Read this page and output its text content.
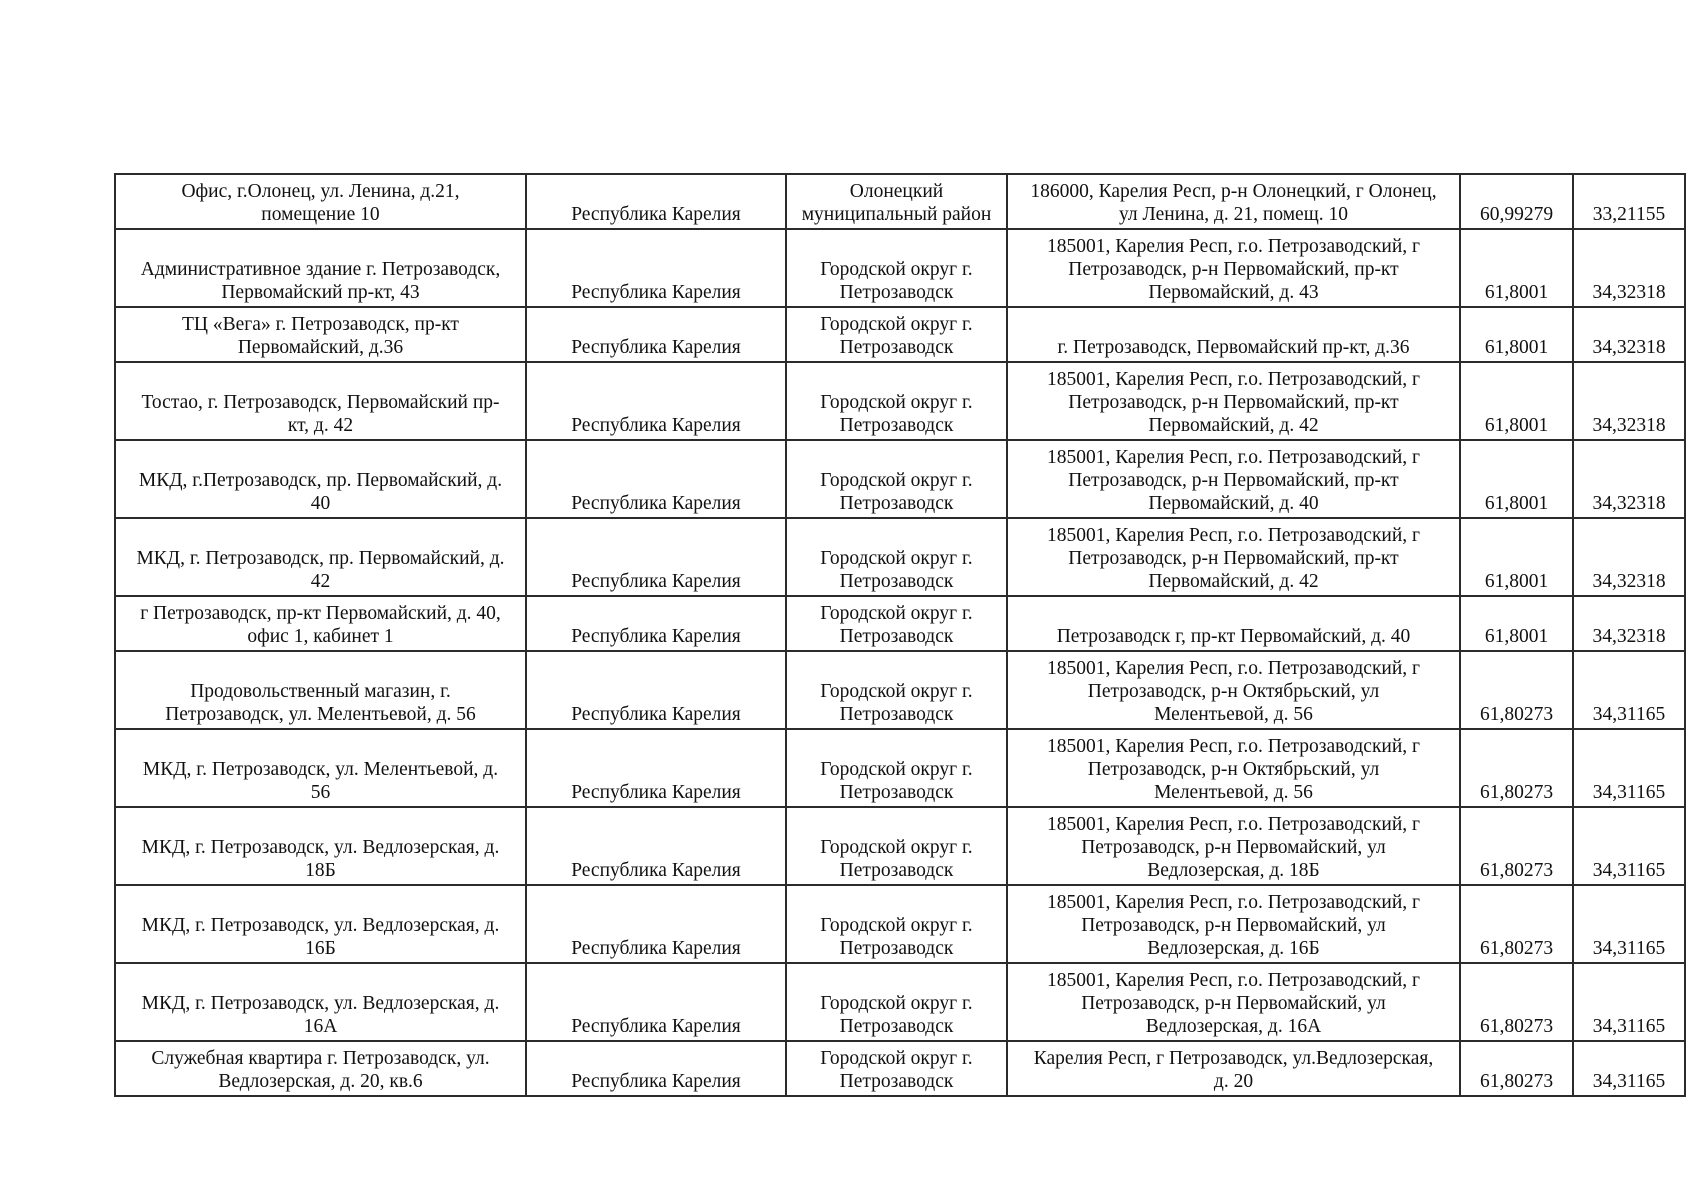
Офис, г.Олонец, ул. Ленина, д.21,
помещение 10	Республика Карелия	Олонецкий
муниципальный район	186000, Карелия Респ, р-н Олонецкий, г Олонец,
ул Ленина, д. 21, помещ. 10	60,99279	33,21155
Административное здание г. Петрозаводск,
Первомайский пр-кт, 43	Республика Карелия	Городской округ г.
Петрозаводск	185001, Карелия Респ, г.о. Петрозаводский, г
Петрозаводск, р-н Первомайский, пр-кт
Первомайский, д. 43	61,8001	34,32318
ТЦ «Вега» г. Петрозаводск, пр-кт
Первомайский, д.36	Республика Карелия	Городской округ г.
Петрозаводск	г. Петрозаводск, Первомайский пр-кт, д.36	61,8001	34,32318
Тостао, г. Петрозаводск, Первомайский пр-
кт, д. 42	Республика Карелия	Городской округ г.
Петрозаводск	185001, Карелия Респ, г.о. Петрозаводский, г
Петрозаводск, р-н Первомайский, пр-кт
Первомайский, д. 42	61,8001	34,32318
МКД, г.Петрозаводск, пр. Первомайский, д.
40	Республика Карелия	Городской округ г.
Петрозаводск	185001, Карелия Респ, г.о. Петрозаводский, г
Петрозаводск, р-н Первомайский, пр-кт
Первомайский, д. 40	61,8001	34,32318
МКД, г. Петрозаводск, пр. Первомайский, д.
42	Республика Карелия	Городской округ г.
Петрозаводск	185001, Карелия Респ, г.о. Петрозаводский, г
Петрозаводск, р-н Первомайский, пр-кт
Первомайский, д. 42	61,8001	34,32318
г Петрозаводск, пр-кт Первомайский, д. 40,
офис 1, кабинет 1	Республика Карелия	Городской округ г.
Петрозаводск	Петрозаводск г, пр-кт Первомайский, д. 40	61,8001	34,32318
Продовольственный магазин, г.
Петрозаводск, ул. Мелентьевой, д. 56	Республика Карелия	Городской округ г.
Петрозаводск	185001, Карелия Респ, г.о. Петрозаводский, г
Петрозаводск, р-н Октябрьский, ул
Мелентьевой, д. 56	61,80273	34,31165
МКД, г. Петрозаводск, ул. Мелентьевой, д.
56	Республика Карелия	Городской округ г.
Петрозаводск	185001, Карелия Респ, г.о. Петрозаводский, г
Петрозаводск, р-н Октябрьский, ул
Мелентьевой, д. 56	61,80273	34,31165
МКД, г. Петрозаводск, ул. Ведлозерская, д.
18Б	Республика Карелия	Городской округ г.
Петрозаводск	185001, Карелия Респ, г.о. Петрозаводский, г
Петрозаводск, р-н Первомайский, ул
Ведлозерская, д. 18Б	61,80273	34,31165
МКД, г. Петрозаводск, ул. Ведлозерская, д.
16Б	Республика Карелия	Городской округ г.
Петрозаводск	185001, Карелия Респ, г.о. Петрозаводский, г
Петрозаводск, р-н Первомайский, ул
Ведлозерская, д. 16Б	61,80273	34,31165
МКД, г. Петрозаводск, ул. Ведлозерская, д.
16А	Республика Карелия	Городской округ г.
Петрозаводск	185001, Карелия Респ, г.о. Петрозаводский, г
Петрозаводск, р-н Первомайский, ул
Ведлозерская, д. 16А	61,80273	34,31165
Служебная квартира г. Петрозаводск, ул.
Ведлозерская, д. 20, кв.6	Республика Карелия	Городской округ г.
Петрозаводск	Карелия Респ, г Петрозаводск, ул.Ведлозерская,
д. 20	61,80273	34,31165
